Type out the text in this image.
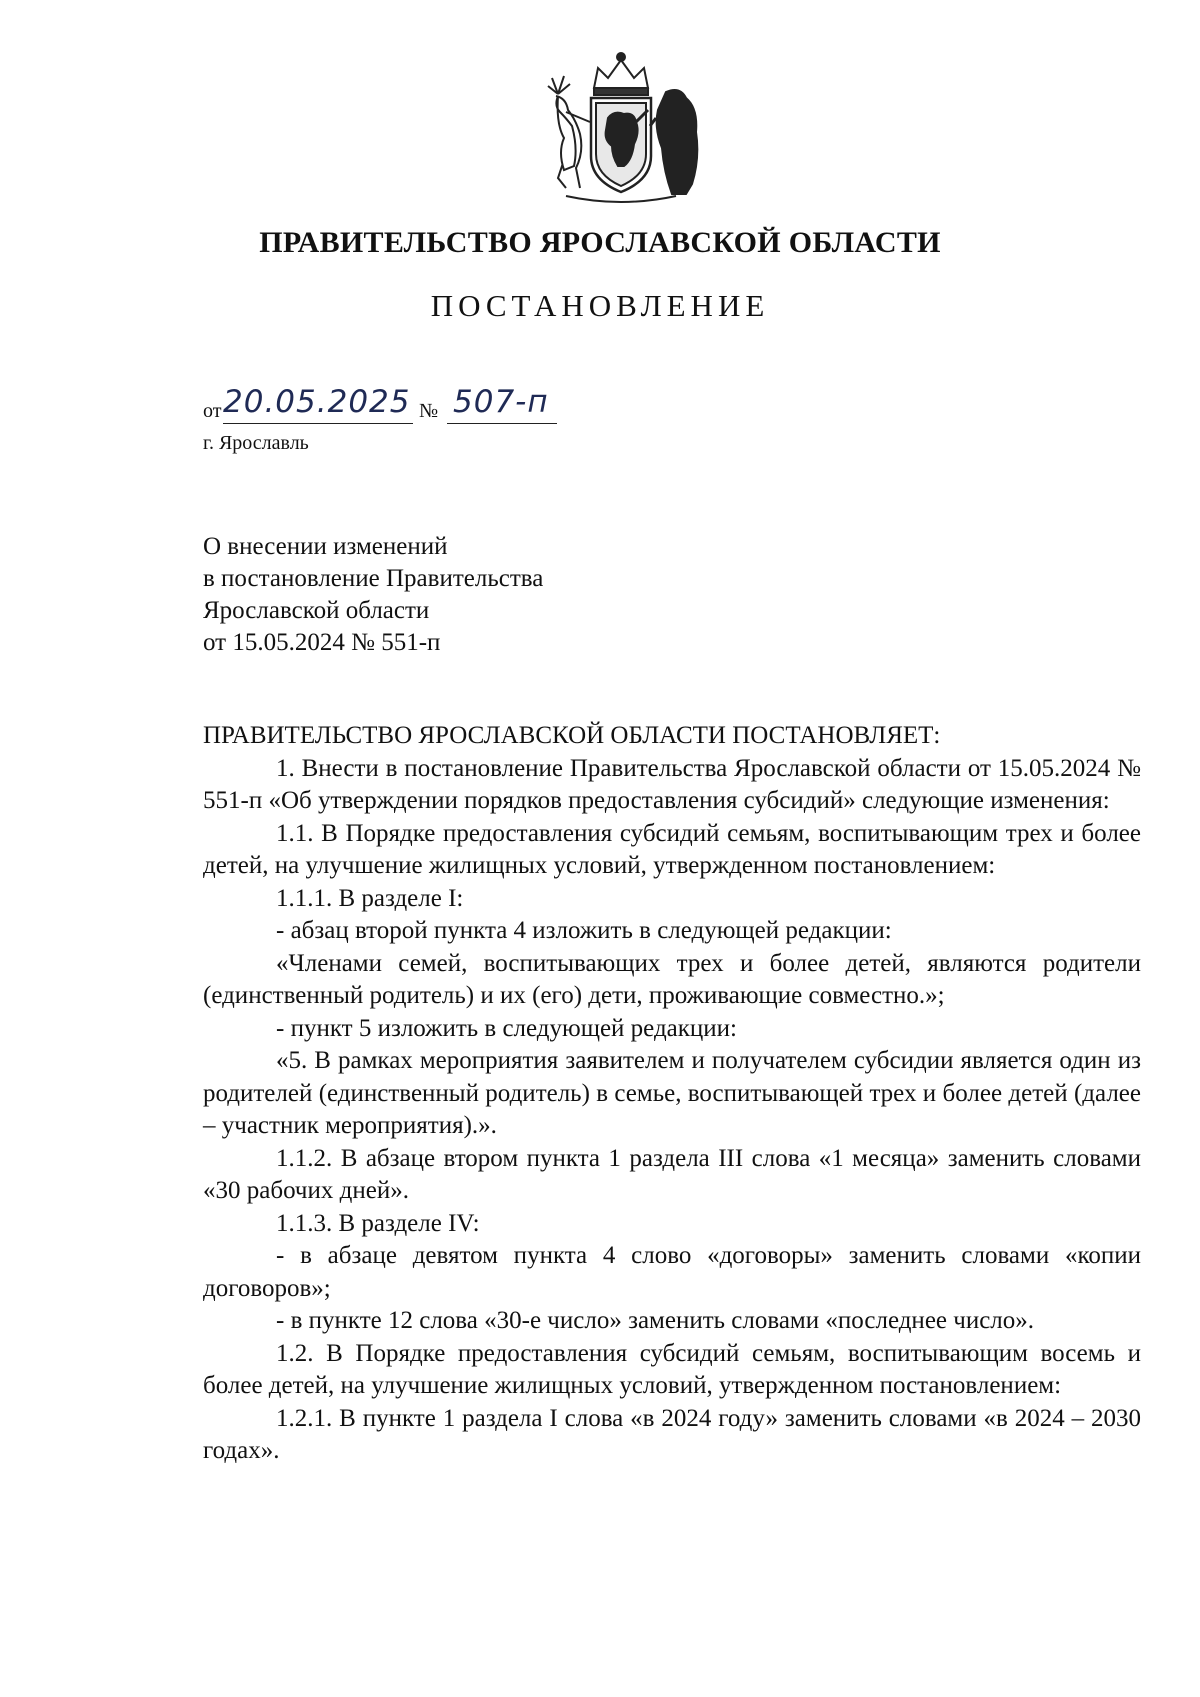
ПРАВИТЕЛЬСТВО ЯРОСЛАВСКОЙ ОБЛАСТИ
ПОСТАНОВЛЕНИЕ
от 20.05.2025 № 507-п
г. Ярославль
О внесении изменений
в постановление Правительства
Ярославской области
от 15.05.2024 № 551-п

ПРАВИТЕЛЬСТВО ЯРОСЛАВСКОЙ ОБЛАСТИ ПОСТАНОВЛЯЕТ:

1. Внести в постановление Правительства Ярославской области от 15.05.2024 № 551-п «Об утверждении порядков предоставления субсидий» следующие изменения:

1.1. В Порядке предоставления субсидий семьям, воспитывающим трех и более детей, на улучшение жилищных условий, утвержденном постановлением:

1.1.1. В разделе I:

- абзац второй пункта 4 изложить в следующей редакции:

«Членами семей, воспитывающих трех и более детей, являются родители (единственный родитель) и их (его) дети, проживающие совместно.»;

- пункт 5 изложить в следующей редакции:

«5. В рамках мероприятия заявителем и получателем субсидии является один из родителей (единственный родитель) в семье, воспитывающей трех и более детей (далее – участник мероприятия).».

1.1.2. В абзаце втором пункта 1 раздела III слова «1 месяца» заменить словами «30 рабочих дней».

1.1.3. В разделе IV:

- в абзаце девятом пункта 4 слово «договоры» заменить словами «копии договоров»;

- в пункте 12 слова «30-е число» заменить словами «последнее число».

1.2. В Порядке предоставления субсидий семьям, воспитывающим восемь и более детей, на улучшение жилищных условий, утвержденном постановлением:

1.2.1. В пункте 1 раздела I слова «в 2024 году» заменить словами «в 2024 – 2030 годах».
